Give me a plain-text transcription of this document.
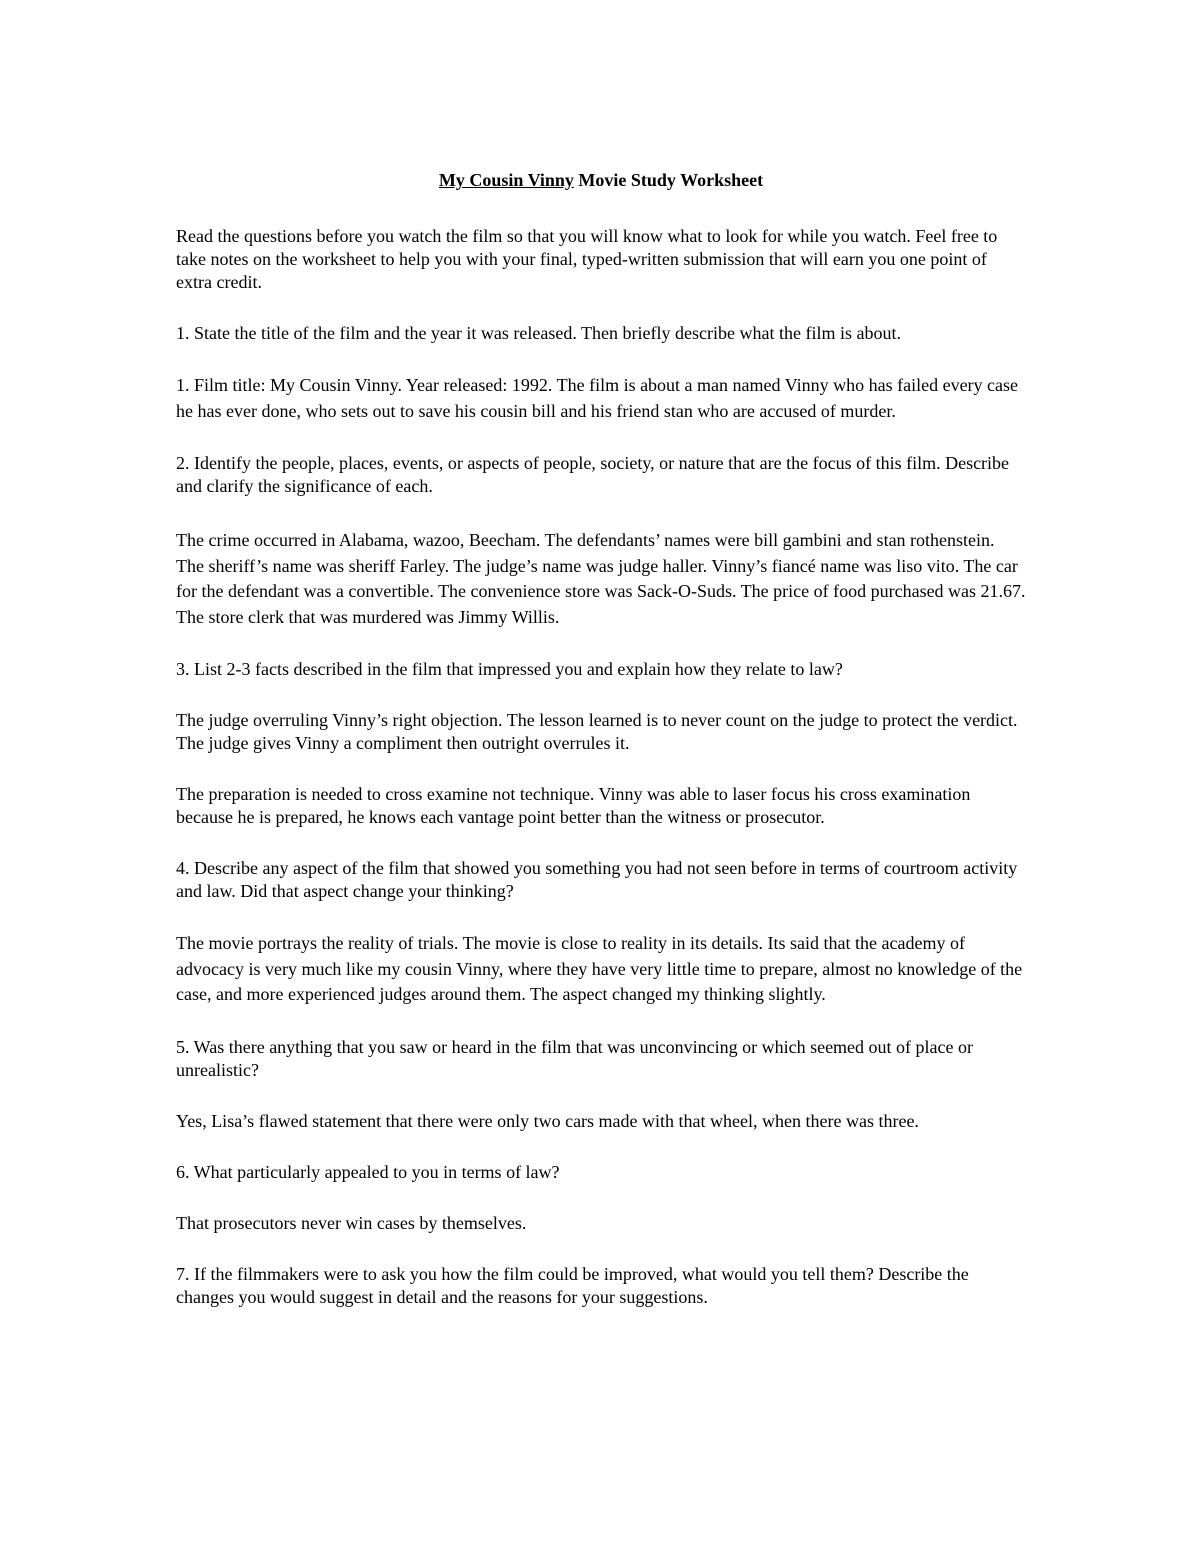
My Cousin Vinny Movie Study Worksheet

Read the questions before you watch the film so that you will know what to look for while you watch. Feel free to take notes on the worksheet to help you with your final, typed-written submission that will earn you one point of extra credit.

1. State the title of the film and the year it was released. Then briefly describe what the film is about.

1. Film title: My Cousin Vinny. Year released: 1992. The film is about a man named Vinny who has failed every case he has ever done, who sets out to save his cousin bill and his friend stan who are accused of murder.

2. Identify the people, places, events, or aspects of people, society, or nature that are the focus of this film. Describe and clarify the significance of each.

The crime occurred in Alabama, wazoo, Beecham. The defendants’ names were bill gambini and stan rothenstein. The sheriff’s name was sheriff Farley. The judge’s name was judge haller. Vinny’s fiancé name was liso vito. The car for the defendant was a convertible. The convenience store was Sack-O-Suds. The price of food purchased was 21.67. The store clerk that was murdered was Jimmy Willis.

3. List 2-3 facts described in the film that impressed you and explain how they relate to law?

The judge overruling Vinny’s right objection. The lesson learned is to never count on the judge to protect the verdict. The judge gives Vinny a compliment then outright overrules it.

The preparation is needed to cross examine not technique. Vinny was able to laser focus his cross examination because he is prepared, he knows each vantage point better than the witness or prosecutor.

4. Describe any aspect of the film that showed you something you had not seen before in terms of courtroom activity and law. Did that aspect change your thinking?

The movie portrays the reality of trials. The movie is close to reality in its details. Its said that the academy of advocacy is very much like my cousin Vinny, where they have very little time to prepare, almost no knowledge of the case, and more experienced judges around them. The aspect changed my thinking slightly.

5. Was there anything that you saw or heard in the film that was unconvincing or which seemed out of place or unrealistic?

Yes, Lisa’s flawed statement that there were only two cars made with that wheel, when there was three.

6. What particularly appealed to you in terms of law?

That prosecutors never win cases by themselves.

7. If the filmmakers were to ask you how the film could be improved, what would you tell them? Describe the changes you would suggest in detail and the reasons for your suggestions.
